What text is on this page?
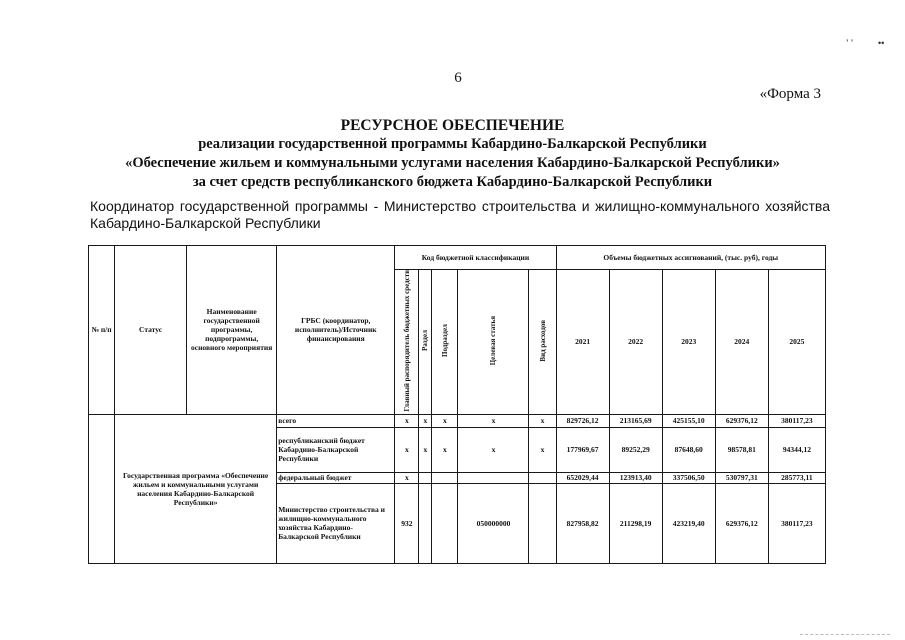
' '	••
6
«Форма 3
РЕСУРСНОЕ ОБЕСПЕЧЕНИЕ
реализации государственной программы Кабардино-Балкарской Республики
«Обеспечение жильем и коммунальными услугами населения Кабардино-Балкарской Республики»
за счет средств республиканского бюджета Кабардино-Балкарской Республики
Координатор государственной программы - Министерство строительства и жилищно-коммунального хозяйства Кабардино-Балкарской Республики
№ п/п	Статус	Наименование государственной программы, подпрограммы, основного мероприятия	ГРБС (координатор, исполнитель)/Источник финансирования	Код бюджетной классификации					Объемы бюджетных ассигнований, (тыс. руб), годы				
				Главный распорядитель бюджетных средств	Раздел	Подраздел	Целевая статья	Вид расходов	2021	2022	2023	2024	2025
	Государственная программа «Обеспечение жильем и коммунальными услугами населения Кабардино-Балкарской Республики»		всего	x	x	x	x	x	829726,12	213165,69	425155,10	629376,12	380117,23
			республиканский бюджет Кабардино-Балкарской Республики	x	x	x	x	x	177969,67	89252,29	87648,60	98578,81	94344,12
			федеральный бюджет	x					652029,44	123913,40	337506,50	530797,31	285773,11
			Министерство строительства и жилищно-коммунального хозяйства Кабардино-Балкарской Республики	932			050000000		827958,82	211298,19	423219,40	629376,12	380117,23
